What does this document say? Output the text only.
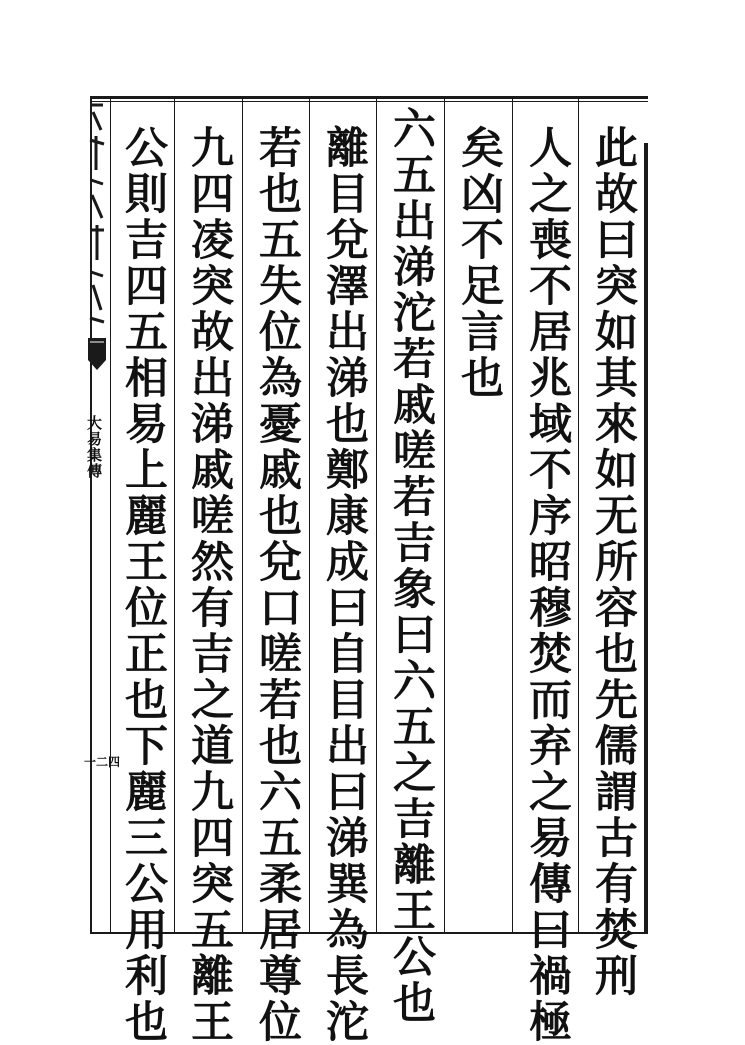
此故曰突如其來如无所容也先儒謂古有焚刑
人之喪不居兆域不序昭穆焚而弃之易傳曰禍極
矣凶不足言也
六五出涕沱若戚嗟若吉象曰六五之吉離王公也
離目兌澤出涕也鄭康成曰自目出曰涕巽為長沱
若也五失位為憂戚也兌口嗟若也六五柔居尊位
九四凌突故出涕戚嗟然有吉之道九四突五離王
公則吉四五相易上麗王位正也下麗三公用利也
大易集傳
一二四
